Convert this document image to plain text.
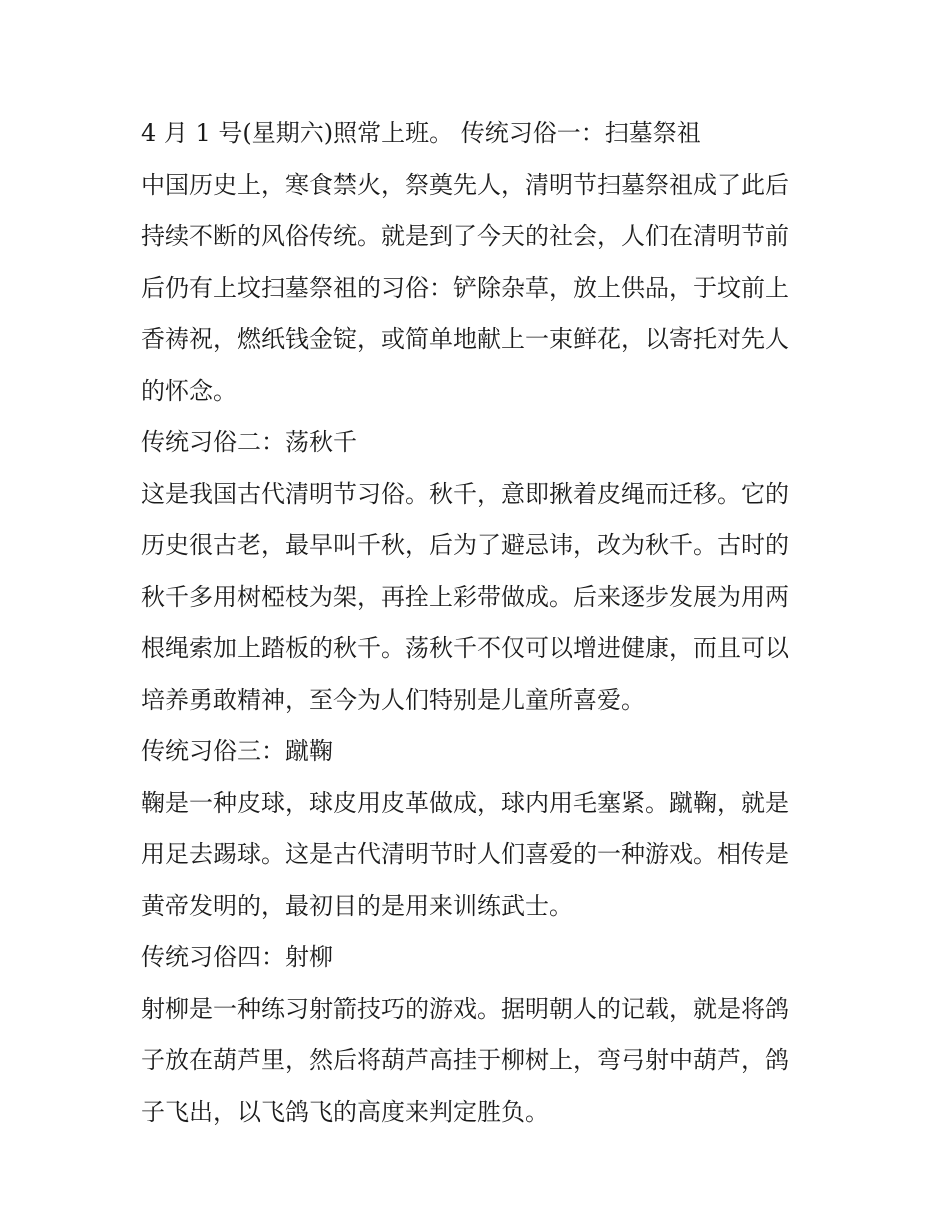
4 月 1 号(星期六)照常上班。 传统习俗一：扫墓祭祖
中国历史上，寒食禁火，祭奠先人，清明节扫墓祭祖成了此后
持续不断的风俗传统。就是到了今天的社会，人们在清明节前
后仍有上坟扫墓祭祖的习俗：铲除杂草，放上供品，于坟前上
香祷祝，燃纸钱金锭，或简单地献上一束鲜花，以寄托对先人
的怀念。
传统习俗二：荡秋千
这是我国古代清明节习俗。秋千，意即揪着皮绳而迁移。它的
历史很古老，最早叫千秋，后为了避忌讳，改为秋千。古时的
秋千多用树椏枝为架，再拴上彩带做成。后来逐步发展为用两
根绳索加上踏板的秋千。荡秋千不仅可以增进健康，而且可以
培养勇敢精神，至今为人们特别是儿童所喜爱。
传统习俗三：蹴鞠
鞠是一种皮球，球皮用皮革做成，球内用毛塞紧。蹴鞠，就是
用足去踢球。这是古代清明节时人们喜爱的一种游戏。相传是
黄帝发明的，最初目的是用来训练武士。
传统习俗四：射柳
射柳是一种练习射箭技巧的游戏。据明朝人的记载，就是将鸽
子放在葫芦里，然后将葫芦高挂于柳树上，弯弓射中葫芦，鸽
子飞出，以飞鸽飞的高度来判定胜负。
